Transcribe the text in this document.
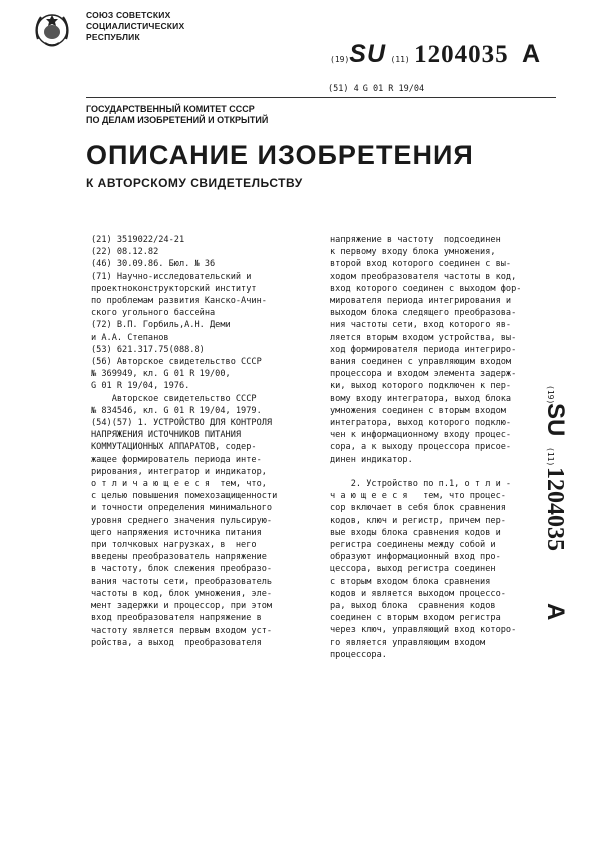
СОЮЗ СОВЕТСКИХ
СОЦИАЛИСТИЧЕСКИХ
РЕСПУБЛИК
(19)SU (11) 1204035 A
(51) 4 G 01 R 19/04
ГОСУДАРСТВЕННЫЙ КОМИТЕТ СССР
ПО ДЕЛАМ ИЗОБРЕТЕНИЙ И ОТКРЫТИЙ
ОПИСАНИЕ ИЗОБРЕТЕНИЯ
К АВТОРСКОМУ СВИДЕТЕЛЬСТВУ
(21) 3519022/24-21
(22) 08.12.82
(46) 30.09.86. Бюл. № 36
(71) Научно-исследовательский и
проектноконструкторский институт
по проблемам развития Канско-Ачин-
ского угольного бассейна
(72) В.П. Горбиль,А.Н. Деми
и А.А. Степанов
(53) 621.317.75(088.8)
(56) Авторское свидетельство СССР
№ 369949, кл. G 01 R 19/00,
G 01 R 19/04, 1976.
Авторское свидетельство СССР
№ 834546, кл. G 01 R 19/04, 1979.
(54)(57) 1. УСТРОЙСТВО ДЛЯ КОНТРОЛЯ
НАПРЯЖЕНИЯ ИСТОЧНИКОВ ПИТАНИЯ
КОММУТАЦИОННЫХ АППАРАТОВ, содер-
жащее формирователь периода инте-
рирования, интегратор и индикатор,
о т л и ч а ю щ е е с я  тем, что,
с целью повышения помехозащищенности
и точности определения минимального
уровня среднего значения пульсирую-
щего напряжения источника питания
при толчковых нагрузках, в  него
введены преобразователь напряжение
в частоту, блок слежения преобразо-
вания частоты сети, преобразователь
частоты в код, блок умножения, эле-
мент задержки и процессор, при этом
вход преобразователя напряжение в
частоту является первым входом уст-
ройства, а выход  преобразователя
напряжение в частоту  подсоединен
к первому входу блока умножения,
второй вход которого соединен с вы-
ходом преобразователя частоты в код,
вход которого соединен с выходом фор-
мирователя периода интегрирования и
выходом блока следящего преобразова-
ния частоты сети, вход которого яв-
ляется вторым входом устройства, вы-
ход формирователя периода интегриро-
вания соединен с управляющим входом
процессора и входом элемента задерж-
ки, выход которого подключен к пер-
вому входу интегратора, выход блока
умножения соединен с вторым входом
интегратора, выход которого подклю-
чен к информационному входу процес-
сора, а к выходу процессора присое-
динен индикатор.
2. Устройство по п.1, о т л и -
ч а ю щ е е с я   тем, что процес-
сор включает в себя блок сравнения
кодов, ключ и регистр, причем пер-
вые входы блока сравнения кодов и
регистра соединены между собой и
образуют информационный вход про-
цессора, выход регистра соединен
с вторым входом блока сравнения
кодов и является выходом процессо-
ра, выход блока  сравнения кодов
соединен с вторым входом регистра
через ключ, управляющий вход которо-
го является управляющим входом
процессора.
(19)
SU
(11)
1204035
A
